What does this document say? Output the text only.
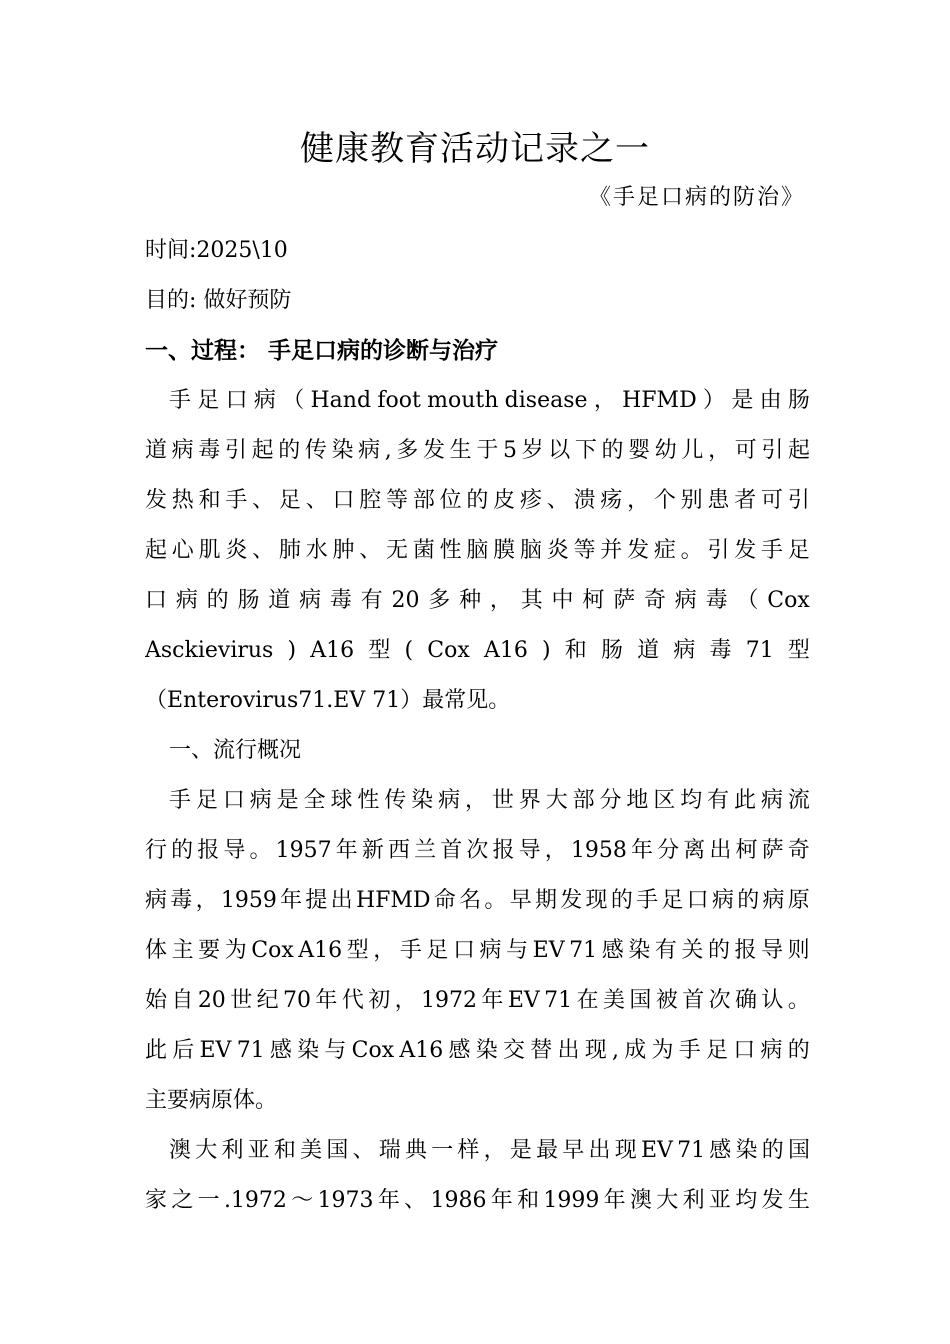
健康教育活动记录之一
《手足口病的防治》
时间:2025\10
目的: 做好预防
一、过程： 手足口病的诊断与治疗
手 足 口 病 （ Hand foot mouth disease ， HFMD ） 是 由 肠
道 病 毒 引 起 的 传 染 病 , 多 发 生 于 5 岁 以 下 的 婴 幼 儿 ， 可 引 起
发 热 和 手 、 足 、 口 腔 等 部 位 的 皮 疹 、 溃 疡 ， 个 别 患 者 可 引
起 心 肌 炎 、 肺 水 肿 、 无 菌 性 脑 膜 脑 炎 等 并 发 症 。 引 发 手 足
口 病 的 肠 道 病 毒 有 20 多 种 ， 其 中 柯 萨 奇 病 毒 （ Cox
Asckievirus ) A16 型 ( Cox A16 ) 和 肠 道 病 毒 71 型
（Enterovirus71.EV 71）最常见。
一、流行概况
手 足 口 病 是 全 球 性 传 染 病 ， 世 界 大 部 分 地 区 均 有 此 病 流
行 的 报 导 。 1957 年 新 西 兰 首 次 报 导 ， 1958 年 分 离 出 柯 萨 奇
病 毒 ， 1959 年 提 出 HFMD 命 名 。 早 期 发 现 的 手 足 口 病 的 病 原
体 主 要 为 Cox A16 型 ， 手 足 口 病 与 EV 71 感 染 有 关 的 报 导 则
始 自 20 世 纪 70 年 代 初 ， 1972 年 EV 71 在 美 国 被 首 次 确 认 。
此 后 EV 71 感 染 与 Cox A16 感 染 交 替 出 现 , 成 为 手 足 口 病 的
主要病原体。
澳 大 利 亚 和 美 国 、 瑞 典 一 样 ， 是 最 早 出 现 EV 71 感 染 的 国
家 之 一 .1972 ～ 1973 年 、 1986 年 和 1999 年 澳 大 利 亚 均 发 生
